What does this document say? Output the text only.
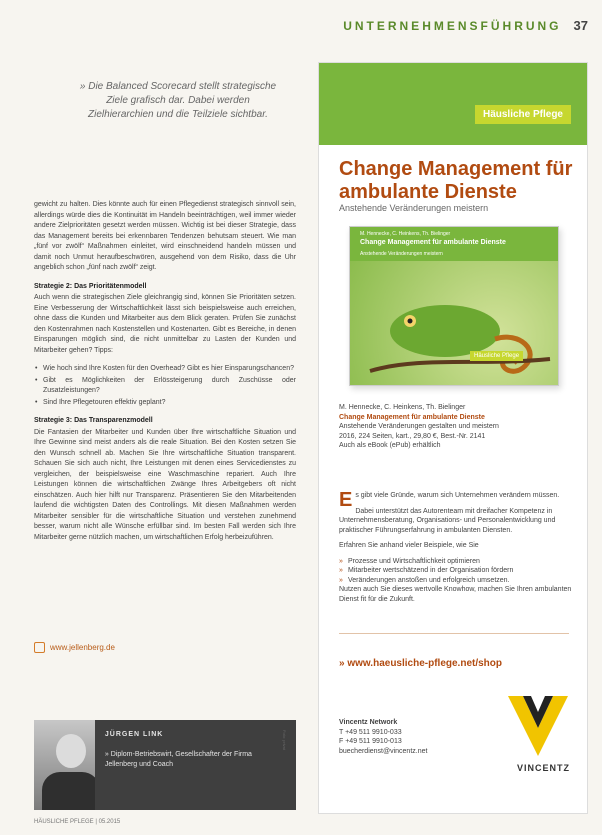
UNTERNEHMENSFÜHRUNG 37
» Die Balanced Scorecard stellt strategische Ziele grafisch dar. Dabei werden Zielhierarchien und die Teilziele sichtbar.

gewicht zu halten. Dies könnte auch für einen Pflegedienst strategisch sinnvoll sein, allerdings würde dies die Kontinuität im Handeln beeinträchtigen, weil immer wieder andere Zielprioritäten gesetzt werden müssen. Wichtig ist bei dieser Strategie, dass das Management bereits bei erkennbaren Tendenzen behutsam steuert. Wie man „fünf vor zwölf“ Maßnahmen einleitet, wird einschneidend handeln müssen und damit noch Unmut heraufbeschwören, ausgehend von dem Risiko, dass die Uhr angeblich schon „fünf nach zwölf“ zeigt.

Strategie 2: Das Prioritätenmodell

Auch wenn die strategischen Ziele gleichrangig sind, können Sie Prioritäten setzen. Eine Verbesserung der Wirtschaftlichkeit lässt sich beispielsweise auch erreichen, ohne dass die Kunden und Mitarbeiter aus dem Blick geraten. Prüfen Sie zunächst den Kostenrahmen nach Kostenstellen und Kostenarten. Gibt es Bereiche, in denen Einsparungen möglich sind, die nicht unmittelbar zu Lasten der Kunden und Mitarbeiter gehen? Tipps:

• Wie hoch sind Ihre Kosten für den Overhead? Gibt es hier Einsparungschancen?
• Gibt es Möglichkeiten der Erlössteigerung durch Zuschüsse oder Zusatzleistungen?
• Sind Ihre Pflegetouren effektiv geplant?
Strategie 3: Das Transparenzmodell

Die Fantasien der Mitarbeiter und Kunden über Ihre wirtschaftliche Situation und Ihre Gewinne sind meist anders als die reale Situation. Bei den Kosten setzen Sie den Wunsch schnell ab. Machen Sie Ihre wirtschaftliche Situation transparent. Schauen Sie sich auch nicht, Ihre Leistungen mit denen eines Servicedienstes zu vergleichen, der beispielsweise eine Waschmaschine repariert. Auch Ihre Leistungen können die wirtschaftlichen Zwänge Ihres Arbeitgebers oft nicht einschätzen. Auch hier hilft nur Transparenz. Präsentieren Sie den Mitarbeitenden laufend die wichtigsten Daten des Controllings. Mit diesen Maßnahmen werden Mitarbeiter sensibler für die wirtschaftliche Situation und verstehen zunehmend besser, warum nicht alle Wünsche erfüllbar sind. Im besten Fall werden sich Ihre Mitarbeiter gerne nützlich machen, um wirtschaftlichen Erfolg herbeizuführen.

www.jellenberg.de
JÜRGEN LINK
» Diplom-Betriebswirt, Gesellschafter der Firma Jellenberg und Coach
Foto: privat
HÄUSLICHE PFLEGE | 05.2015
Häusliche Pflege
Change Management für ambulante Dienste
Anstehende Veränderungen meistern
M. Hennecke, C. Heinkens, Th. Bielinger
Change Management für ambulante Dienste
Anstehende Veränderungen meistern
Häusliche Pflege
M. Hennecke, C. Heinkens, Th. Bielinger
Change Management für ambulante Dienste
Anstehende Veränderungen gestalten und meistern
2016, 224 Seiten, kart., 29,80 €, Best.-Nr. 2141
Auch als eBook (ePub) erhältlich

Es gibt viele Gründe, warum sich Unternehmen verändern müssen.

Dabei unterstützt das Autorenteam mit dreifacher Kompetenz in Unternehmensberatung, Organisations- und Personalentwicklung und praktischer Führungserfahrung in ambulanten Diensten.

Erfahren Sie anhand vieler Beispiele, wie Sie

» Prozesse und Wirtschaftlichkeit optimieren
» Mitarbeiter wertschätzend in der Organisation fördern
» Veränderungen anstoßen und erfolgreich umsetzen.

Nutzen auch Sie dieses wertvolle Knowhow, machen Sie Ihren ambulanten Dienst fit für die Zukunft.

» www.haeusliche-pflege.net/shop
Vincentz Network
T +49 511 9910-033
F +49 511 9910-013
buecherdienst@vincentz.net
VINCENTZ
